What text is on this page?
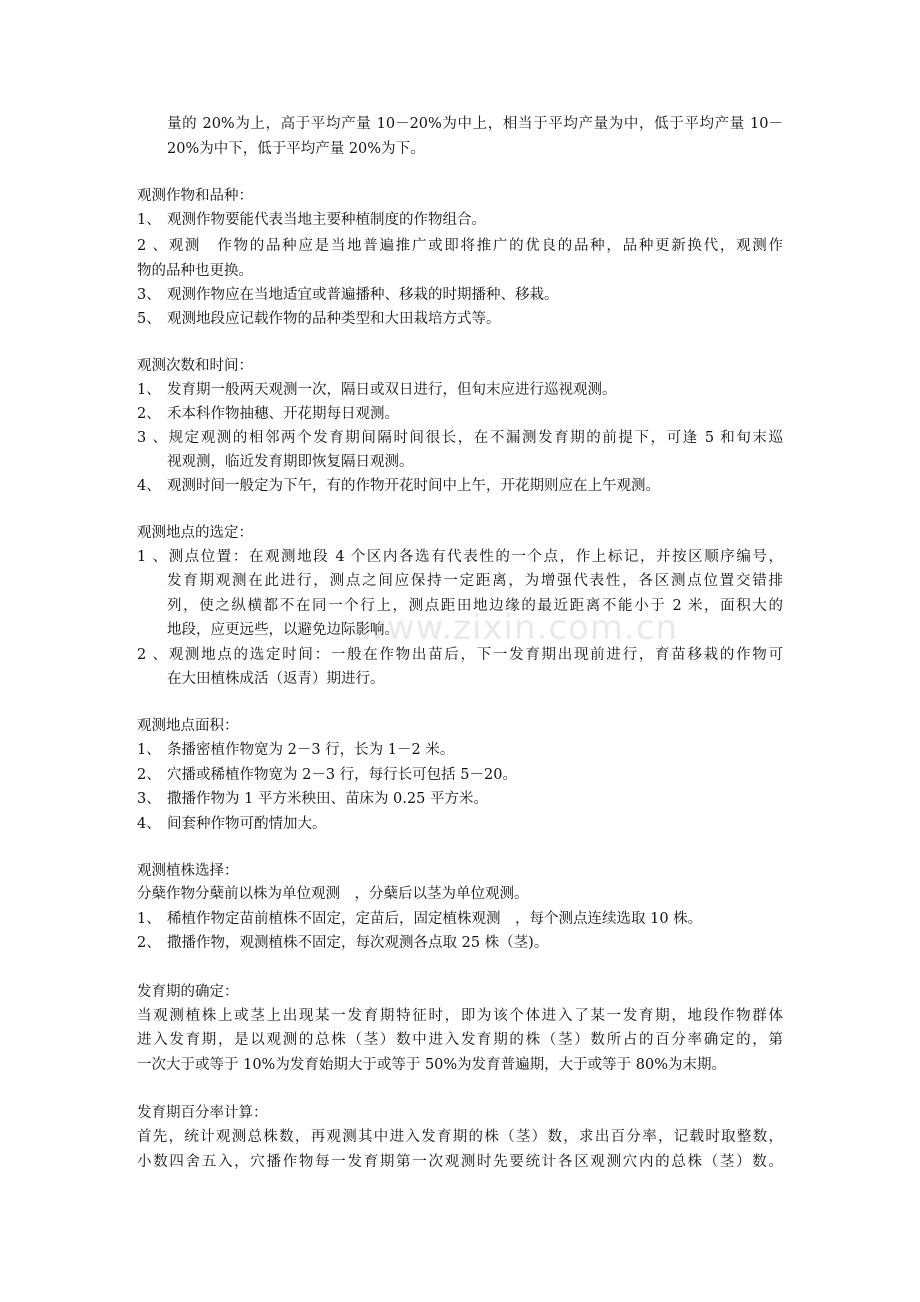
www.zixin.com.cn
量的 20%为上，高于平均产量 10－20%为中上，相当于平均产量为中，低于平均产量 10－
20%为中下，低于平均产量 20%为下。
观测作物和品种：
1、 观测作物要能代表当地主要种植制度的作物组合。
2、观测　作物的品种应是当地普遍推广或即将推广的优良的品种，品种更新换代，观测作
物的品种也更换。
3、 观测作物应在当地适宜或普遍播种、移栽的时期播种、移栽。
5、 观测地段应记载作物的品种类型和大田栽培方式等。
观测次数和时间：
1、 发育期一般两天观测一次，隔日或双日进行，但旬末应进行巡视观测。
2、 禾本科作物抽穗、开花期每日观测。
3、规定观测的相邻两个发育期间隔时间很长，在不漏测发育期的前提下，可逢 5 和旬末巡
视观测，临近发育期即恢复隔日观测。
4、 观测时间一般定为下午，有的作物开花时间中上午，开花期则应在上午观测。
观测地点的选定：
1、测点位置：在观测地段 4 个区内各选有代表性的一个点，作上标记，并按区顺序编号，
发育期观测在此进行，测点之间应保持一定距离，为增强代表性，各区测点位置交错排
列，使之纵横都不在同一个行上，测点距田地边缘的最近距离不能小于 2 米，面积大的
地段，应更远些，以避免边际影响。
2、观测地点的选定时间：一般在作物出苗后，下一发育期出现前进行，育苗移栽的作物可
在大田植株成活（返青）期进行。
观测地点面积：
1、 条播密植作物宽为 2－3 行，长为 1－2 米。
2、 穴播或稀植作物宽为 2－3 行，每行长可包括 5－20。
3、 撒播作物为 1 平方米秧田、苗床为 0.25 平方米。
4、 间套种作物可酌情加大。
观测植株选择：
分蘖作物分蘖前以株为单位观测　，分蘖后以茎为单位观测。
1、 稀植作物定苗前植株不固定，定苗后，固定植株观测　，每个测点连续选取 10 株。
2、 撒播作物，观测植株不固定，每次观测各点取 25 株（茎)。
发育期的确定：
当观测植株上或茎上出现某一发育期特征时，即为该个体进入了某一发育期，地段作物群体
进入发育期，是以观测的总株（茎）数中进入发育期的株（茎）数所占的百分率确定的，第
一次大于或等于 10%为发育始期大于或等于 50%为发育普遍期，大于或等于 80%为末期。
发育期百分率计算：
首先，统计观测总株数，再观测其中进入发育期的株（茎）数，求出百分率，记载时取整数，
小数四舍五入，穴播作物每一发育期第一次观测时先要统计各区观测穴内的总株（茎）数。
